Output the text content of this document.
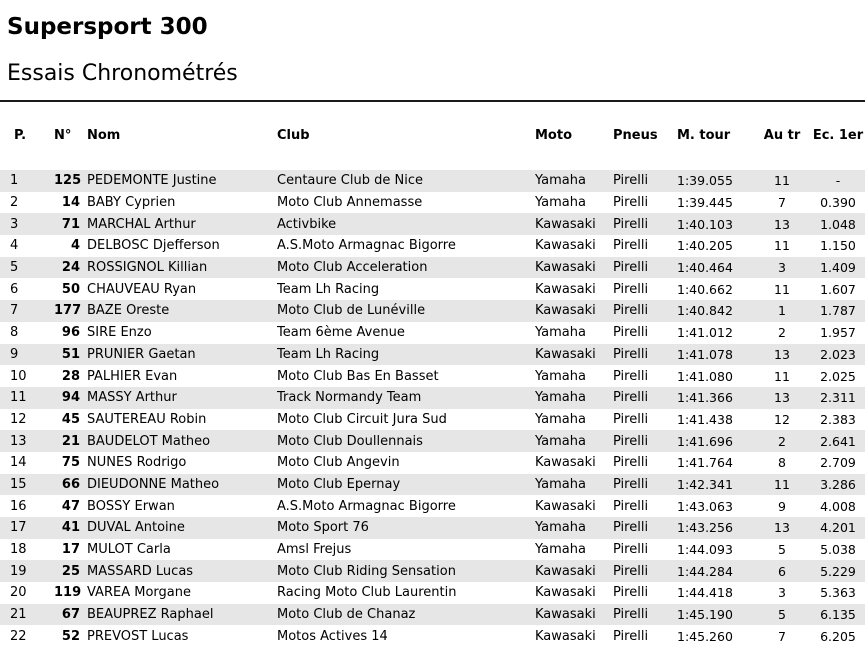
Supersport 300
Essais Chronométrés
P.	N°	Nom	Club	Moto	Pneus	M. tour	Au tr	Ec. 1er

1	125	PEDEMONTE Justine	Centaure Club de Nice	Yamaha	Pirelli	1:39.055	11	-
2	14	BABY Cyprien	Moto Club Annemasse	Yamaha	Pirelli	1:39.445	7	0.390
3	71	MARCHAL Arthur	Activbike	Kawasaki	Pirelli	1:40.103	13	1.048
4	4	DELBOSC Djefferson	A.S.Moto Armagnac Bigorre	Kawasaki	Pirelli	1:40.205	11	1.150
5	24	ROSSIGNOL Killian	Moto Club Acceleration	Kawasaki	Pirelli	1:40.464	3	1.409
6	50	CHAUVEAU Ryan	Team Lh Racing	Kawasaki	Pirelli	1:40.662	11	1.607
7	177	BAZE Oreste	Moto Club de Lunéville	Kawasaki	Pirelli	1:40.842	1	1.787
8	96	SIRE Enzo	Team 6ème Avenue	Yamaha	Pirelli	1:41.012	2	1.957
9	51	PRUNIER Gaetan	Team Lh Racing	Kawasaki	Pirelli	1:41.078	13	2.023
10	28	PALHIER Evan	Moto Club Bas En Basset	Yamaha	Pirelli	1:41.080	11	2.025
11	94	MASSY Arthur	Track Normandy Team	Yamaha	Pirelli	1:41.366	13	2.311
12	45	SAUTEREAU Robin	Moto Club Circuit Jura Sud	Yamaha	Pirelli	1:41.438	12	2.383
13	21	BAUDELOT Matheo	Moto Club Doullennais	Yamaha	Pirelli	1:41.696	2	2.641
14	75	NUNES Rodrigo	Moto Club Angevin	Kawasaki	Pirelli	1:41.764	8	2.709
15	66	DIEUDONNE Matheo	Moto Club Epernay	Yamaha	Pirelli	1:42.341	11	3.286
16	47	BOSSY Erwan	A.S.Moto Armagnac Bigorre	Kawasaki	Pirelli	1:43.063	9	4.008
17	41	DUVAL Antoine	Moto Sport 76	Yamaha	Pirelli	1:43.256	13	4.201
18	17	MULOT Carla	Amsl Frejus	Yamaha	Pirelli	1:44.093	5	5.038
19	25	MASSARD Lucas	Moto Club Riding Sensation	Kawasaki	Pirelli	1:44.284	6	5.229
20	119	VAREA Morgane	Racing Moto Club Laurentin	Kawasaki	Pirelli	1:44.418	3	5.363
21	67	BEAUPREZ Raphael	Moto Club de Chanaz	Kawasaki	Pirelli	1:45.190	5	6.135
22	52	PREVOST Lucas	Motos Actives 14	Kawasaki	Pirelli	1:45.260	7	6.205
